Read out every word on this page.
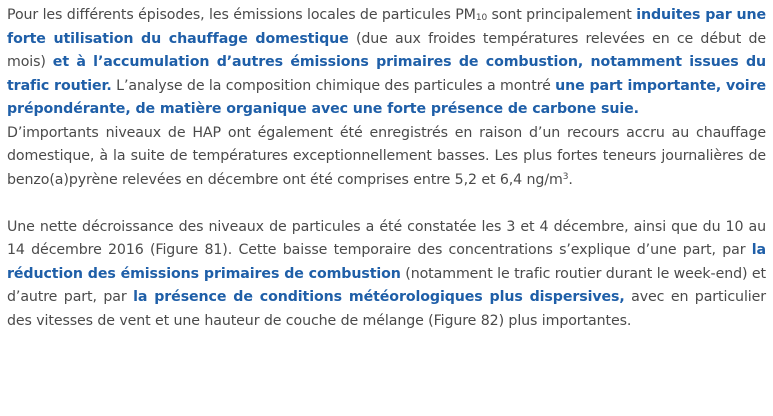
Pour les différents épisodes, les émissions locales de particules $PM_{10}$ sont principalement induites par une forte utilisation du chauffage domestique (due aux froides températures relevées en ce début de mois) et à l’accumulation d’autres émissions primaires de combustion, notamment issues du trafic routier. L’analyse de la composition chimique des particules a montré une part importante, voire prépondérante, de matière organique avec une forte présence de carbone suie.

D’importants niveaux de HAP ont également été enregistrés en raison d’un recours accru au chauffage domestique, à la suite de températures exceptionnellement basses. Les plus fortes teneurs journalières de benzo(a)pyrène relevées en décembre ont été comprises entre 5,2 et 6,4 $ng/m^3$.

Une nette décroissance des niveaux de particules a été constatée les 3 et 4 décembre, ainsi que du 10 au 14 décembre 2016 (Figure 81). Cette baisse temporaire des concentrations s’explique d’une part, par la réduction des émissions primaires de combustion (notamment le trafic routier durant le week-end) et d’autre part, par la présence de conditions météorologiques plus dispersives, avec en particulier des vitesses de vent et une hauteur de couche de mélange (Figure 82) plus importantes.
